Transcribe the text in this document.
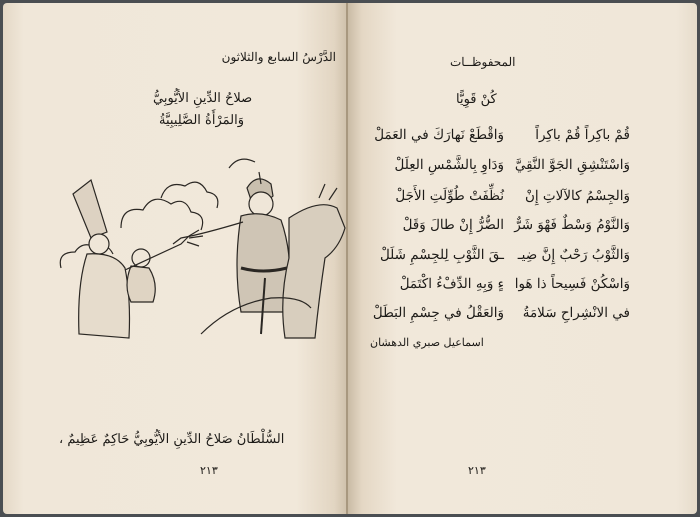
الدَّرْسُ السابع والثلاثون
صلاحُ الدِّينِ الأيُّوبِيُّ
وَالمَرْأَةُ الصَّلِيبِيَّةُ
السُّلْطَانُ صَلاحُ الدِّينِ الأيُّوبِيُّ حَاكِمٌ عَظِيمٌ ،
٢١٣
المحفوظــات
كُنْ قَوِيًّا
قُمْ باكِراً قُمْ باكِراً
وَاقْطَعْ نَهارَكَ في العَمَلْ
وَاسْتَنْشِقِ الجَوَّ النَّقِيَّ
وَدَاوِ بِالشَّمْسِ العِلَلْ
وَالجِسْمُ كالآلاتِ إِنْ
نُظِّفَتْ طُوِّلَتِ الأَجَلْ
وَالنَّوْمُ وَسْطٌ فَهْوَ شَرٌّ
الضُّرُّ إِنْ طالَ وَقَلْ
وَالثَّوْبُ رَحْبٌ إِنَّ ضِيـ
ـقَ الثَّوْبِ لِلجِسْمِ شَلَلْ
وَاسْكُنْ فَسِيحاً ذا هَوا
ءٍ وَبِهِ الدِّفْءُ اكْتَمَلْ
في الانْشِراحِ سَلامَةُ
وَالعَقْلُ في جِسْمِ البَطَلْ
اسماعيل صبري الدهشان
٢١٣
